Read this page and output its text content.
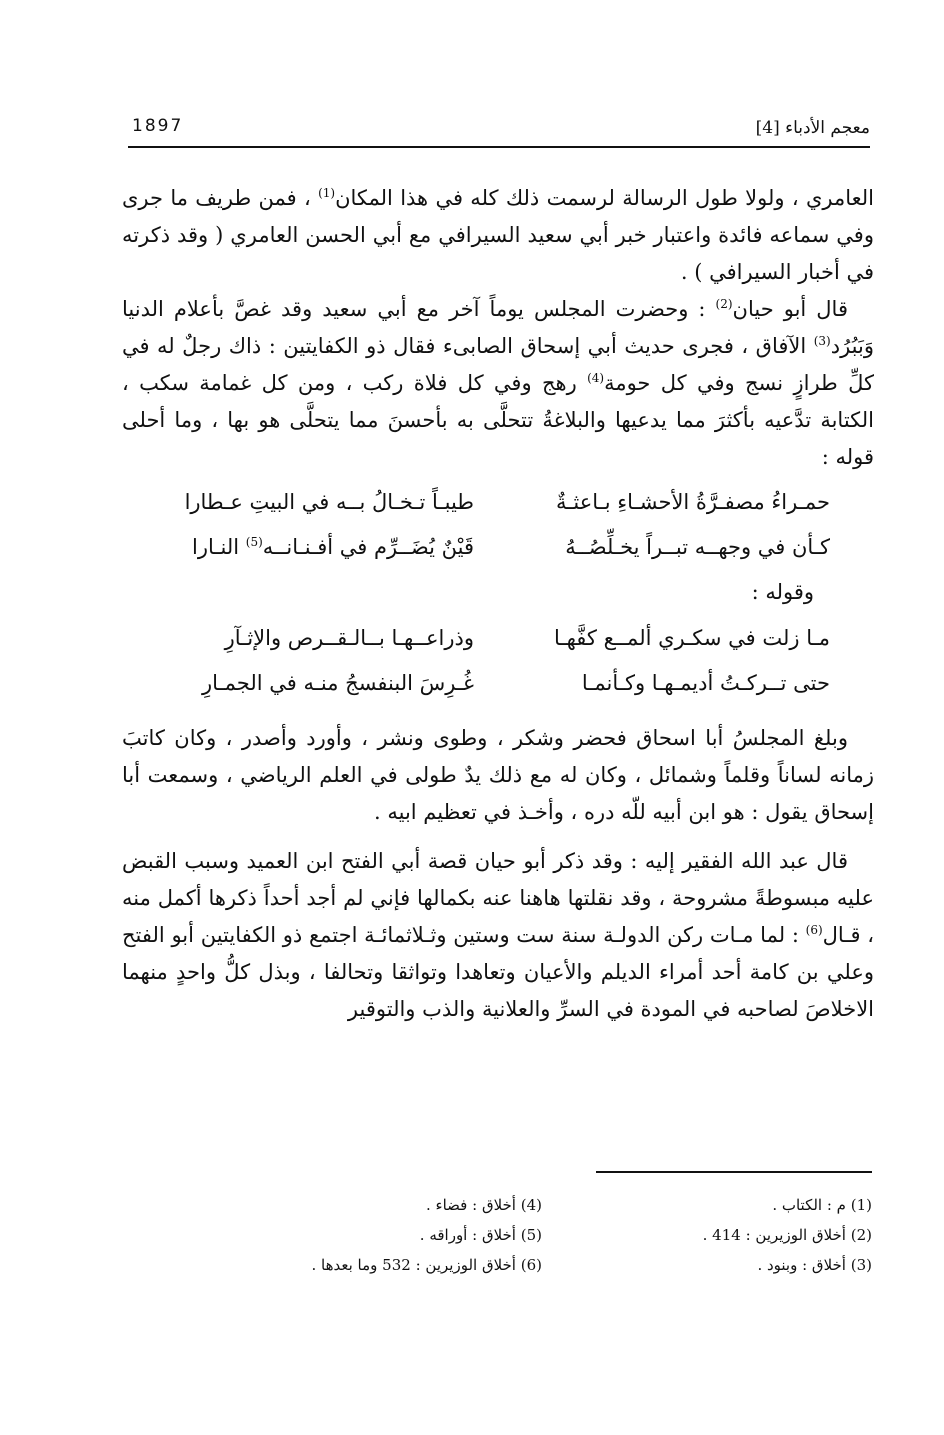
معجم الأدباء [4]
1897

العامري ، ولولا طول الرسالة لرسمت ذلك كله في هذا المكان$^{(1)}$ ، فمن طريف ما جرى وفي سماعه فائدة واعتبار خبر أبي سعيد السيرافي مع أبي الحسن العامري ( وقد ذكرته في أخبار السيرافي ) .

قال أبو حيان$^{(2)}$ : وحضرت المجلس يوماً آخر مع أبي سعيد وقد غصَّ بأعلام الدنيا وَبَبُرُد$^{(3)}$ الآفاق ، فجرى حديث أبي إسحاق الصابىء فقال ذو الكفايتين : ذاك رجلٌ له في كلِّ طرازٍ نسج وفي كل حومة$^{(4)}$ رهج وفي كل فلاة ركب ، ومن كل غمامة سكب ، الكتابة تدَّعيه بأكثرَ مما يدعيها والبلاغةُ تتحلَّى به بأحسنَ مما يتحلَّى هو بها ، وما أحلى قوله :

حمـراءُ مصفـرَّةُ الأحشـاءِ بـاعثـةٌ
طيبـاً تـخـالُ بــه في البيتِ عـطارا
كـأن في وجهــه تبــراً يخـلِّصُــهُ
قَيْنٌ يُضَــرِّم في أفـنـانــه$^{(5)}$ النـارا

وقوله :

مـا زلت في سكـري ألمــع كفَّهـا
وذراعــهـا بــالـقــرص والإثـآرِ
حتى تــركـتُ أديمـهـا وكـأنمـا
غُـرِسَ البنفسجُ منـه في الجمـارِ

وبلغ المجلسُ أبا اسحاق فحضر وشكر ، وطوى ونشر ، وأورد وأصدر ، وكان كاتبَ زمانه لساناً وقلماً وشمائل ، وكان له مع ذلك يدٌ طولى في العلم الرياضي ، وسمعت أبا إسحاق يقول : هو ابن أبيه للّه دره ، وأخـذ في تعظيم ابيه .

قال عبد الله الفقير إليه : وقد ذكر أبو حيان قصة أبي الفتح ابن العميد وسبب القبض عليه مبسوطةً مشروحة ، وقد نقلتها هاهنا عنه بكمالها فإني لم أجد أحداً ذكرها أكمل منه ، قـال$^{(6)}$ : لما مـات ركن الدولـة سنة ست وستين وثـلاثمائـة اجتمع ذو الكفايتين أبو الفتح وعلي بن كامة أحد أمراء الديلم والأعيان وتعاهدا وتواثقا وتحالفا ، وبذل كلُّ واحدٍ منهما الاخلاصَ لصاحبه في المودة في السرِّ والعلانية والذب والتوقير

(1) م : الكتاب .
(2) أخلاق الوزيرين : 414 .
(3) أخلاق : وبنود .
(4) أخلاق : فضاء .
(5) أخلاق : أوراقه .
(6) أخلاق الوزيرين : 532 وما بعدها .
